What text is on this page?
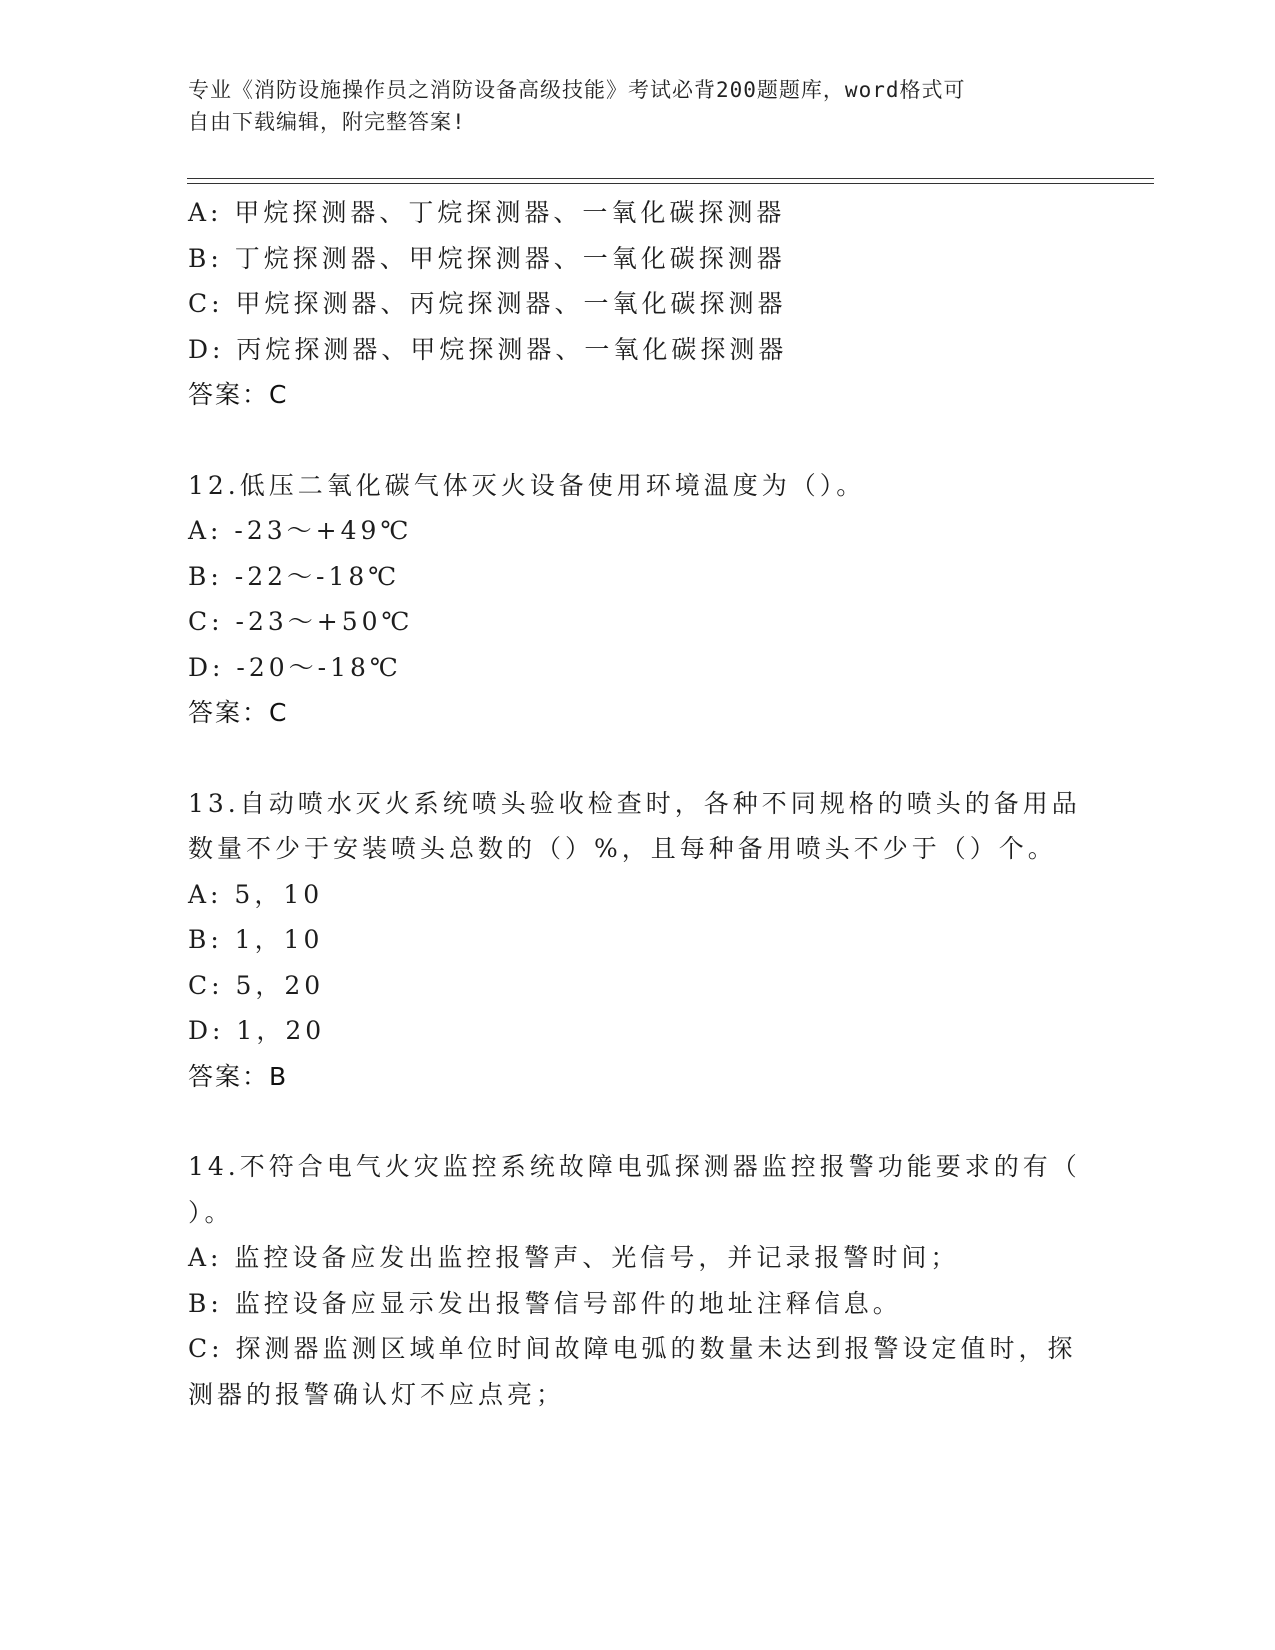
专业《消防设施操作员之消防设备高级技能》考试必背200题题库，word格式可
自由下载编辑，附完整答案!
A: 甲烷探测器、丁烷探测器、一氧化碳探测器
B: 丁烷探测器、甲烷探测器、一氧化碳探测器
C: 甲烷探测器、丙烷探测器、一氧化碳探测器
D: 丙烷探测器、甲烷探测器、一氧化碳探测器
答案：C
12.低压二氧化碳气体灭火设备使用环境温度为（）。
A: -23～+49℃
B: -22～-18℃
C: -23～+50℃
D: -20～-18℃
答案：C
13.自动喷水灭火系统喷头验收检查时，各种不同规格的喷头的备用品
数量不少于安装喷头总数的（）%，且每种备用喷头不少于（）个。
A: 5，10
B: 1，10
C: 5，20
D: 1，20
答案：B
14.不符合电气火灾监控系统故障电弧探测器监控报警功能要求的有（
）。
A: 监控设备应发出监控报警声、光信号，并记录报警时间；
B: 监控设备应显示发出报警信号部件的地址注释信息。
C: 探测器监测区域单位时间故障电弧的数量未达到报警设定值时，探
测器的报警确认灯不应点亮；
